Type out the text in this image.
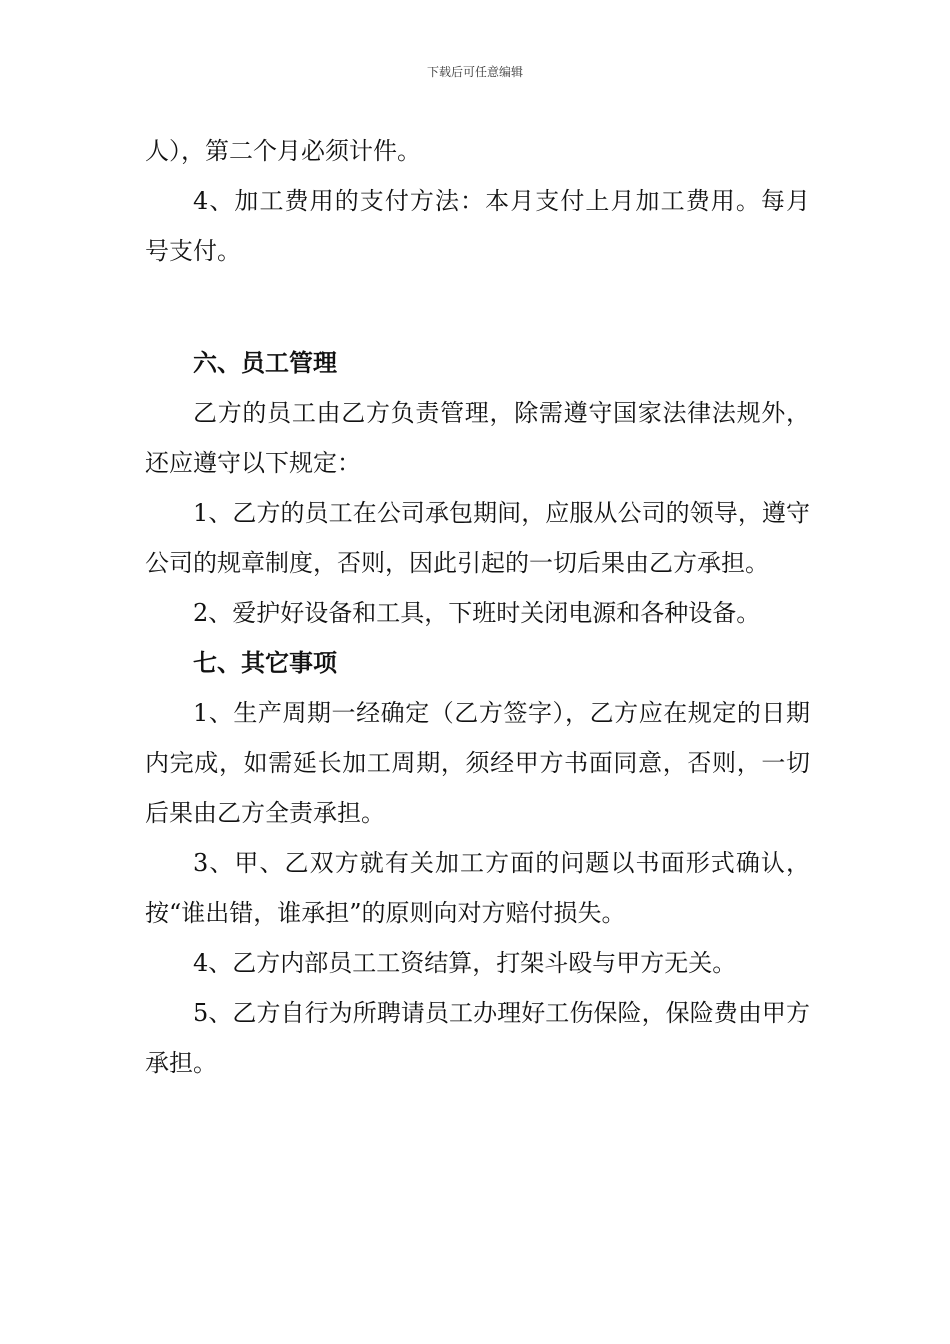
下载后可任意编辑

人），第二个月必须计件。

4、加工费用的支付方法：本月支付上月加工费用。每月　　号支付。

六、员工管理

乙方的员工由乙方负责管理，除需遵守国家法律法规外，还应遵守以下规定：

1、乙方的员工在公司承包期间，应服从公司的领导，遵守公司的规章制度，否则，因此引起的一切后果由乙方承担。

2、爱护好设备和工具，下班时关闭电源和各种设备。

七、其它事项

1、生产周期一经确定（乙方签字），乙方应在规定的日期内完成，如需延长加工周期，须经甲方书面同意，否则，一切后果由乙方全责承担。

3、甲、乙双方就有关加工方面的问题以书面形式确认，按“谁出错，谁承担”的原则向对方赔付损失。

4、乙方内部员工工资结算，打架斗殴与甲方无关。

5、乙方自行为所聘请员工办理好工伤保险，保险费由甲方承担。
